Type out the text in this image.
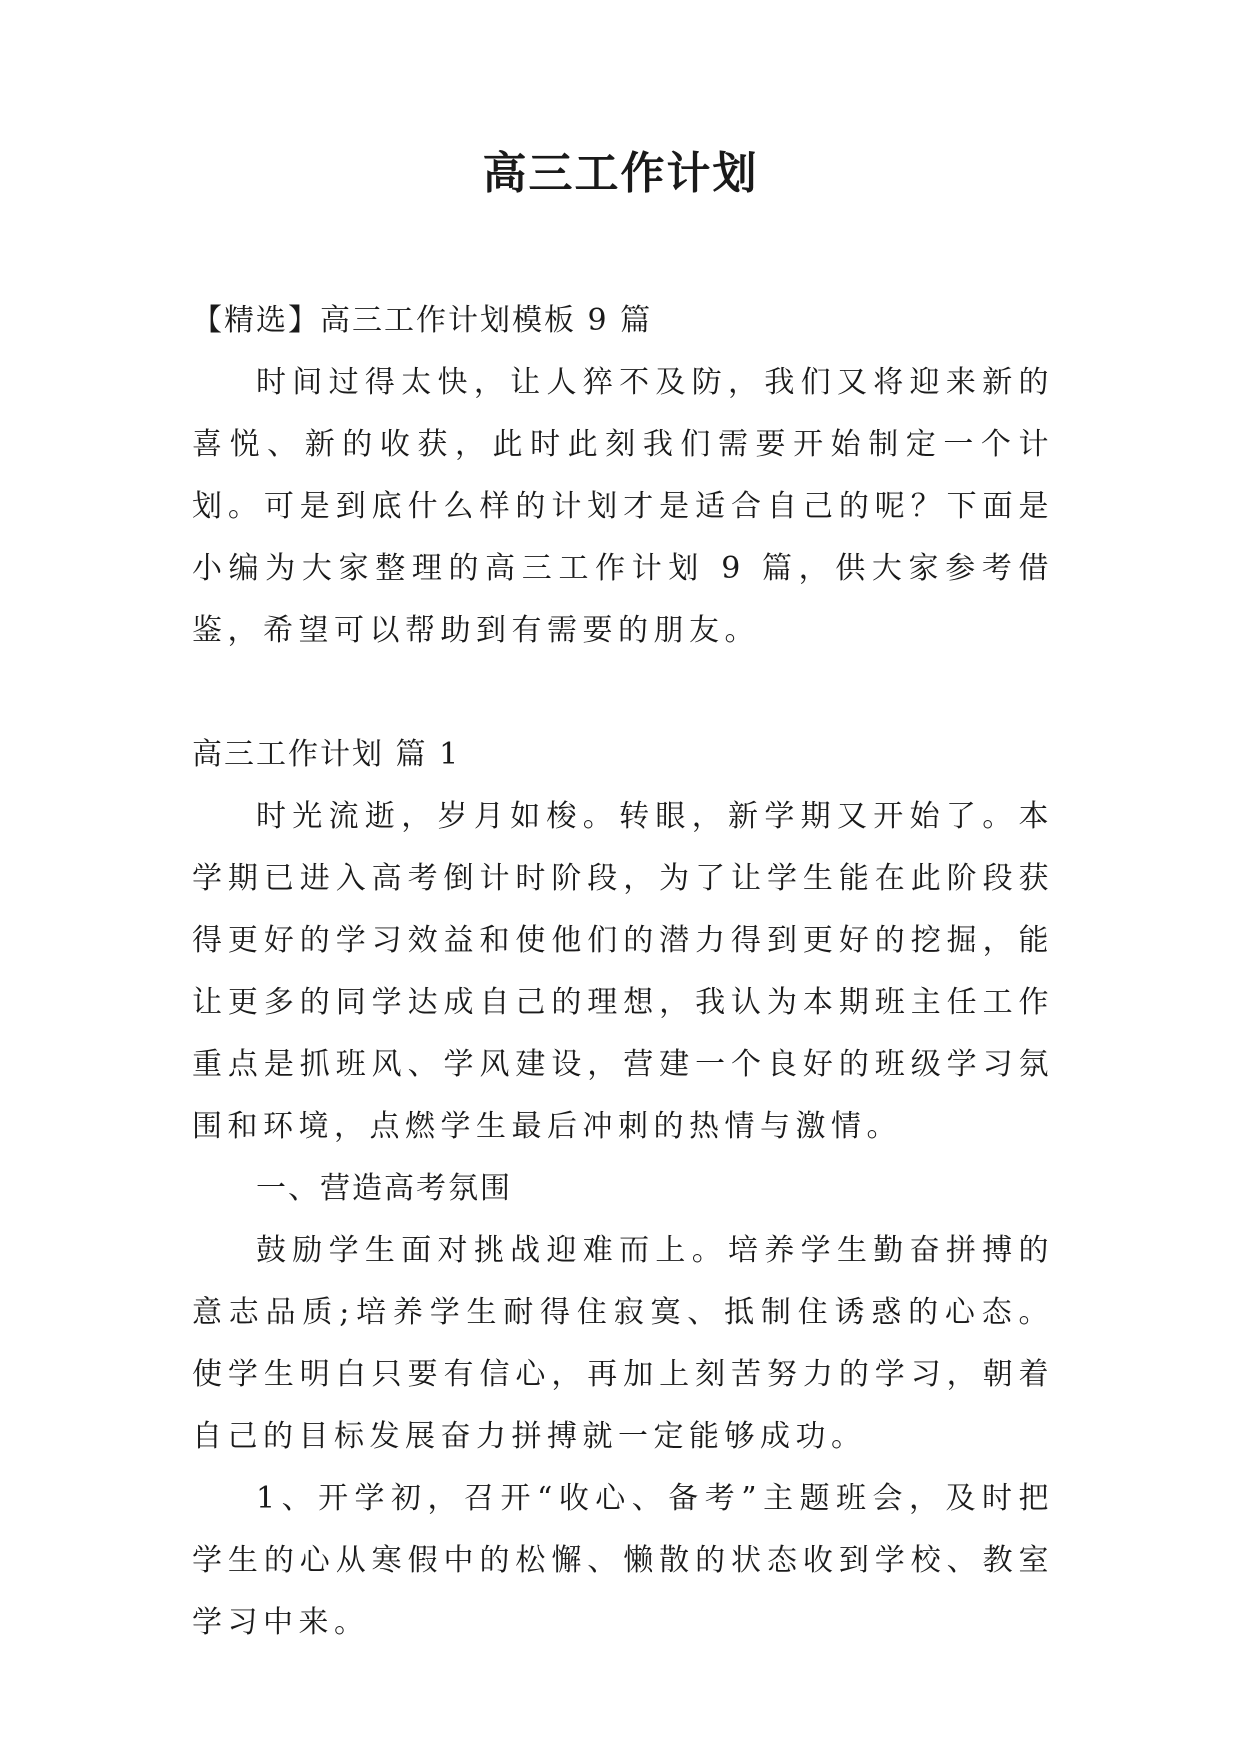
高三工作计划

【精选】高三工作计划模板 9 篇

时间过得太快，让人猝不及防，我们又将迎来新的喜悦、新的收获，此时此刻我们需要开始制定一个计划。可是到底什么样的计划才是适合自己的呢？下面是小编为大家整理的高三工作计划 9 篇，供大家参考借鉴，希望可以帮助到有需要的朋友。

高三工作计划 篇 1

时光流逝，岁月如梭。转眼，新学期又开始了。本学期已进入高考倒计时阶段，为了让学生能在此阶段获得更好的学习效益和使他们的潜力得到更好的挖掘，能让更多的同学达成自己的理想，我认为本期班主任工作重点是抓班风、学风建设，营建一个良好的班级学习氛围和环境，点燃学生最后冲刺的热情与激情。

一、营造高考氛围

鼓励学生面对挑战迎难而上。培养学生勤奋拼搏的意志品质;培养学生耐得住寂寞、抵制住诱惑的心态。使学生明白只要有信心，再加上刻苦努力的学习，朝着自己的目标发展奋力拼搏就一定能够成功。

1、开学初，召开“收心、备考”主题班会，及时把学生的心从寒假中的松懈、懒散的状态收到学校、教室学习中来。
